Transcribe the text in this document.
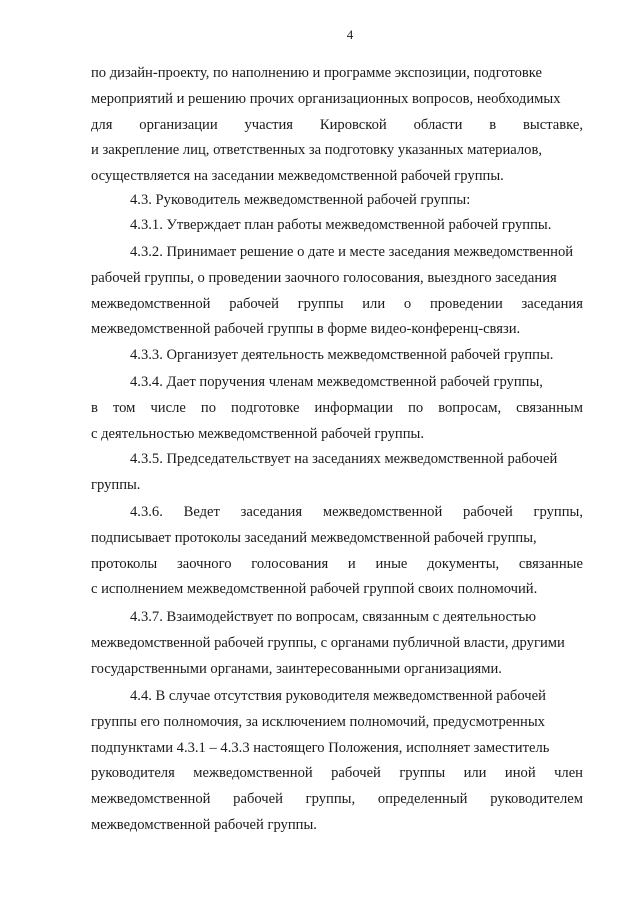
4
по дизайн-проекту, по наполнению и программе экспозиции, подготовке
мероприятий и решению прочих организационных вопросов, необходимых
для организации участия Кировской области в выставке,
и закрепление лиц, ответственных за подготовку указанных материалов,
осуществляется на заседании межведомственной рабочей группы.
4.3. Руководитель межведомственной рабочей группы:
4.3.1. Утверждает план работы межведомственной рабочей группы.
4.3.2. Принимает решение о дате и месте заседания межведомственной
рабочей группы, о проведении заочного голосования, выездного заседания
межведомственной рабочей группы или о проведении заседания
межведомственной рабочей группы в форме видео-конференц-связи.
4.3.3. Организует деятельность межведомственной рабочей группы.
4.3.4. Дает поручения членам межведомственной рабочей группы,
в том числе по подготовке информации по вопросам, связанным
с деятельностью межведомственной рабочей группы.
4.3.5. Председательствует на заседаниях межведомственной рабочей
группы.
4.3.6. Ведет заседания межведомственной рабочей группы,
подписывает протоколы заседаний межведомственной рабочей группы,
протоколы заочного голосования и иные документы, связанные
с исполнением межведомственной рабочей группой своих полномочий.
4.3.7. Взаимодействует по вопросам, связанным с деятельностью
межведомственной рабочей группы, с органами публичной власти, другими
государственными органами, заинтересованными организациями.
4.4. В случае отсутствия руководителя межведомственной рабочей
группы его полномочия, за исключением полномочий, предусмотренных
подпунктами 4.3.1 – 4.3.3 настоящего Положения, исполняет заместитель
руководителя межведомственной рабочей группы или иной член
межведомственной рабочей группы, определенный руководителем
межведомственной рабочей группы.
